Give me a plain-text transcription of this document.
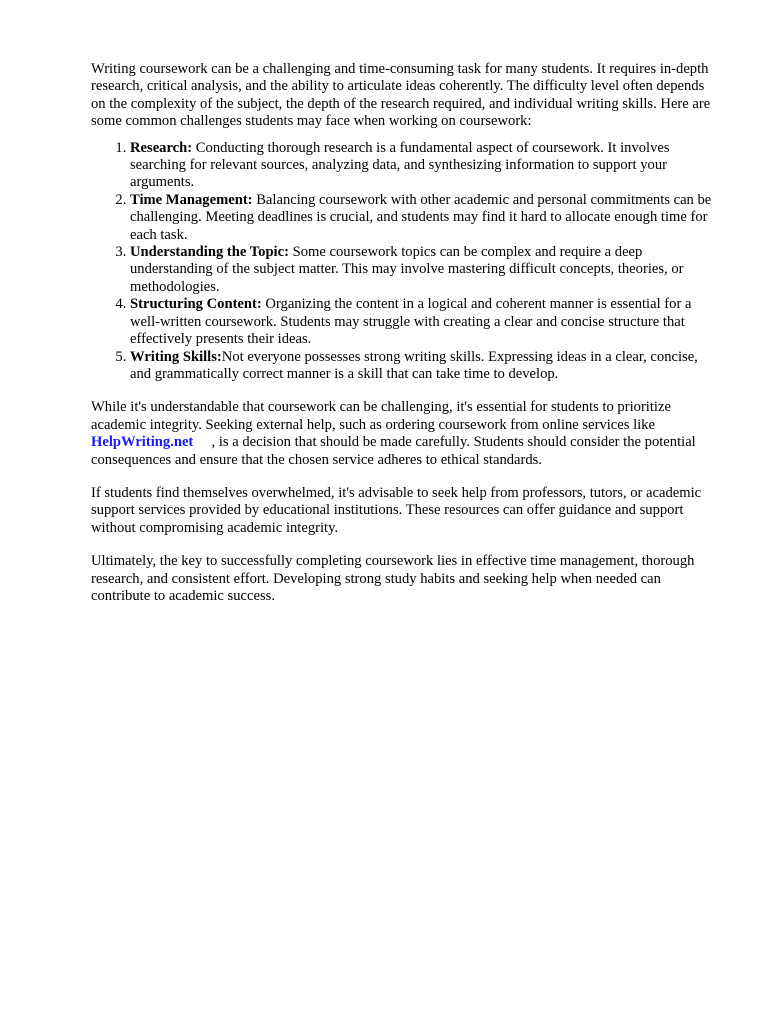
Writing coursework can be a challenging and time-consuming task for many students. It requires in-depth research, critical analysis, and the ability to articulate ideas coherently. The difficulty level often depends on the complexity of the subject, the depth of the research required, and individual writing skills. Here are some common challenges students may face when working on coursework:

1. Research: Conducting thorough research is a fundamental aspect of coursework. It involves searching for relevant sources, analyzing data, and synthesizing information to support your arguments.
2. Time Management: Balancing coursework with other academic and personal commitments can be challenging. Meeting deadlines is crucial, and students may find it hard to allocate enough time for each task.
3. Understanding the Topic: Some coursework topics can be complex and require a deep understanding of the subject matter. This may involve mastering difficult concepts, theories, or methodologies.
4. Structuring Content: Organizing the content in a logical and coherent manner is essential for a well-written coursework. Students may struggle with creating a clear and concise structure that effectively presents their ideas.
5. Writing Skills:Not everyone possesses strong writing skills. Expressing ideas in a clear, concise, and grammatically correct manner is a skill that can take time to develop.

While it's understandable that coursework can be challenging, it's essential for students to prioritize academic integrity. Seeking external help, such as ordering coursework from online services like HelpWriting.net     , is a decision that should be made carefully. Students should consider the potential consequences and ensure that the chosen service adheres to ethical standards.

If students find themselves overwhelmed, it's advisable to seek help from professors, tutors, or academic support services provided by educational institutions. These resources can offer guidance and support without compromising academic integrity.

Ultimately, the key to successfully completing coursework lies in effective time management, thorough research, and consistent effort. Developing strong study habits and seeking help when needed can contribute to academic success.
